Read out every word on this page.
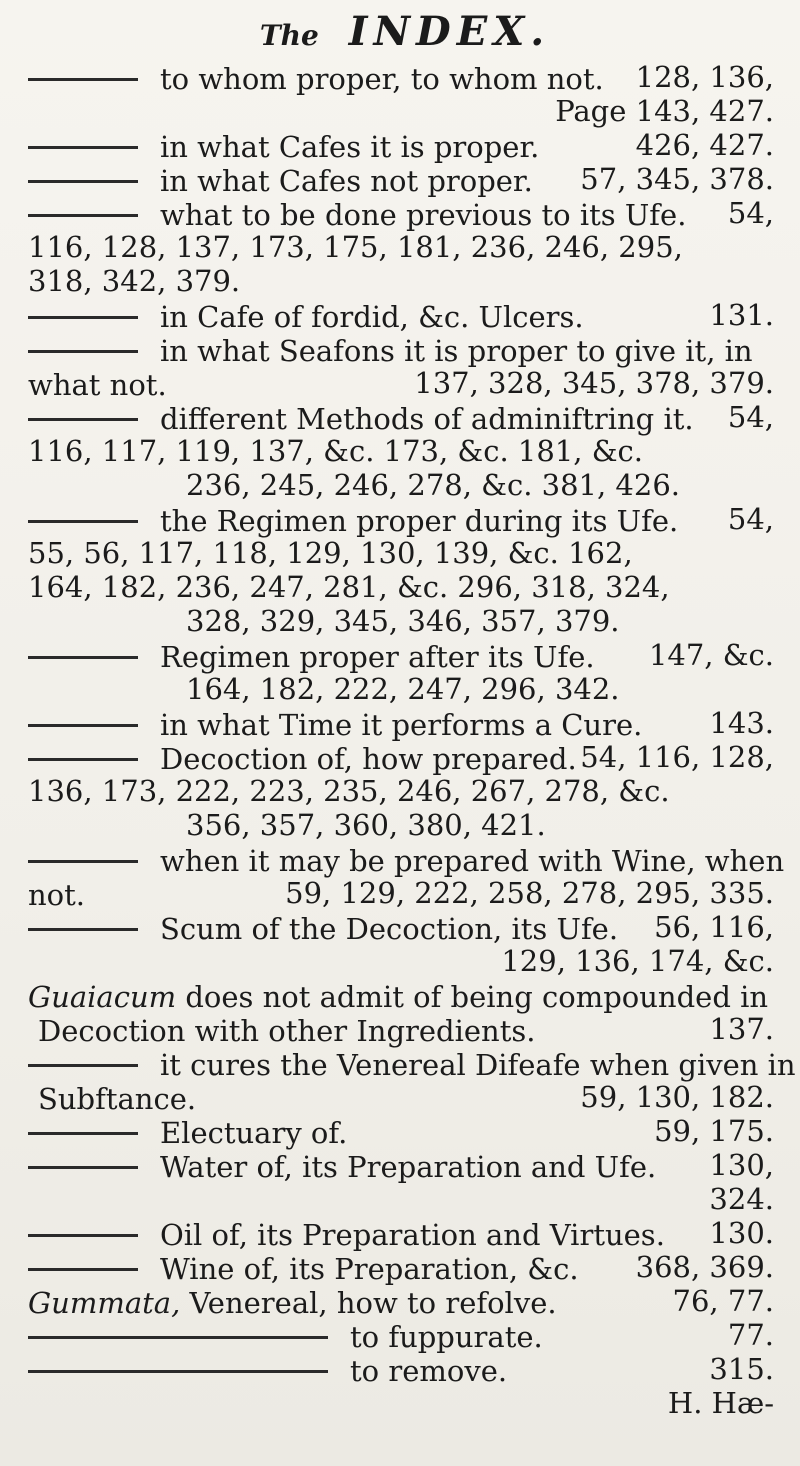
The INDEX.
to whom proper, to whom not. 128, 136,
Page 143, 427.
in what Cafes it is proper.	426, 427.
in what Cafes not proper. 57, 345, 378.
what to be done previous to its Ufe. 54,
116, 128, 137, 173, 175, 181, 236, 246, 295,
318, 342, 379.
in Cafe of fordid, &c. Ulcers.	131.
in what Seafons it is proper to give it, in
what not.	137, 328, 345, 378, 379.
different Methods of adminiftring it. 54,
116, 117, 119, 137, &c. 173, &c. 181, &c.
236, 245, 246, 278, &c. 381, 426.
the Regimen proper during its Ufe. 54,
55, 56, 117, 118, 129, 130, 139, &c. 162,
164, 182, 236, 247, 281, &c. 296, 318, 324,
328, 329, 345, 346, 357, 379.
Regimen proper after its Ufe. 147, &c.
164, 182, 222, 247, 296, 342.
in what Time it performs a Cure. 143.
Decoction of, how prepared. 54, 116, 128,
136, 173, 222, 223, 235, 246, 267, 278, &c.
356, 357, 360, 380, 421.
when it may be prepared with Wine, when
not.	59, 129, 222, 258, 278, 295, 335.
Scum of the Decoction, its Ufe. 56, 116,
129, 136, 174, &c.
Guaiacum does not admit of being compounded in
Decoction with other Ingredients.	137.
it cures the Venereal Difeafe when given in
Subftance.	59, 130, 182.
Electuary of.	59, 175.
Water of, its Preparation and Ufe. 130,
324.
Oil of, its Preparation and Virtues. 130.
Wine of, its Preparation, &c. 368, 369.
Gummata, Venereal, how to refolve.	76, 77.
to fuppurate.	77.
to remove.	315.
H. Hæ-
